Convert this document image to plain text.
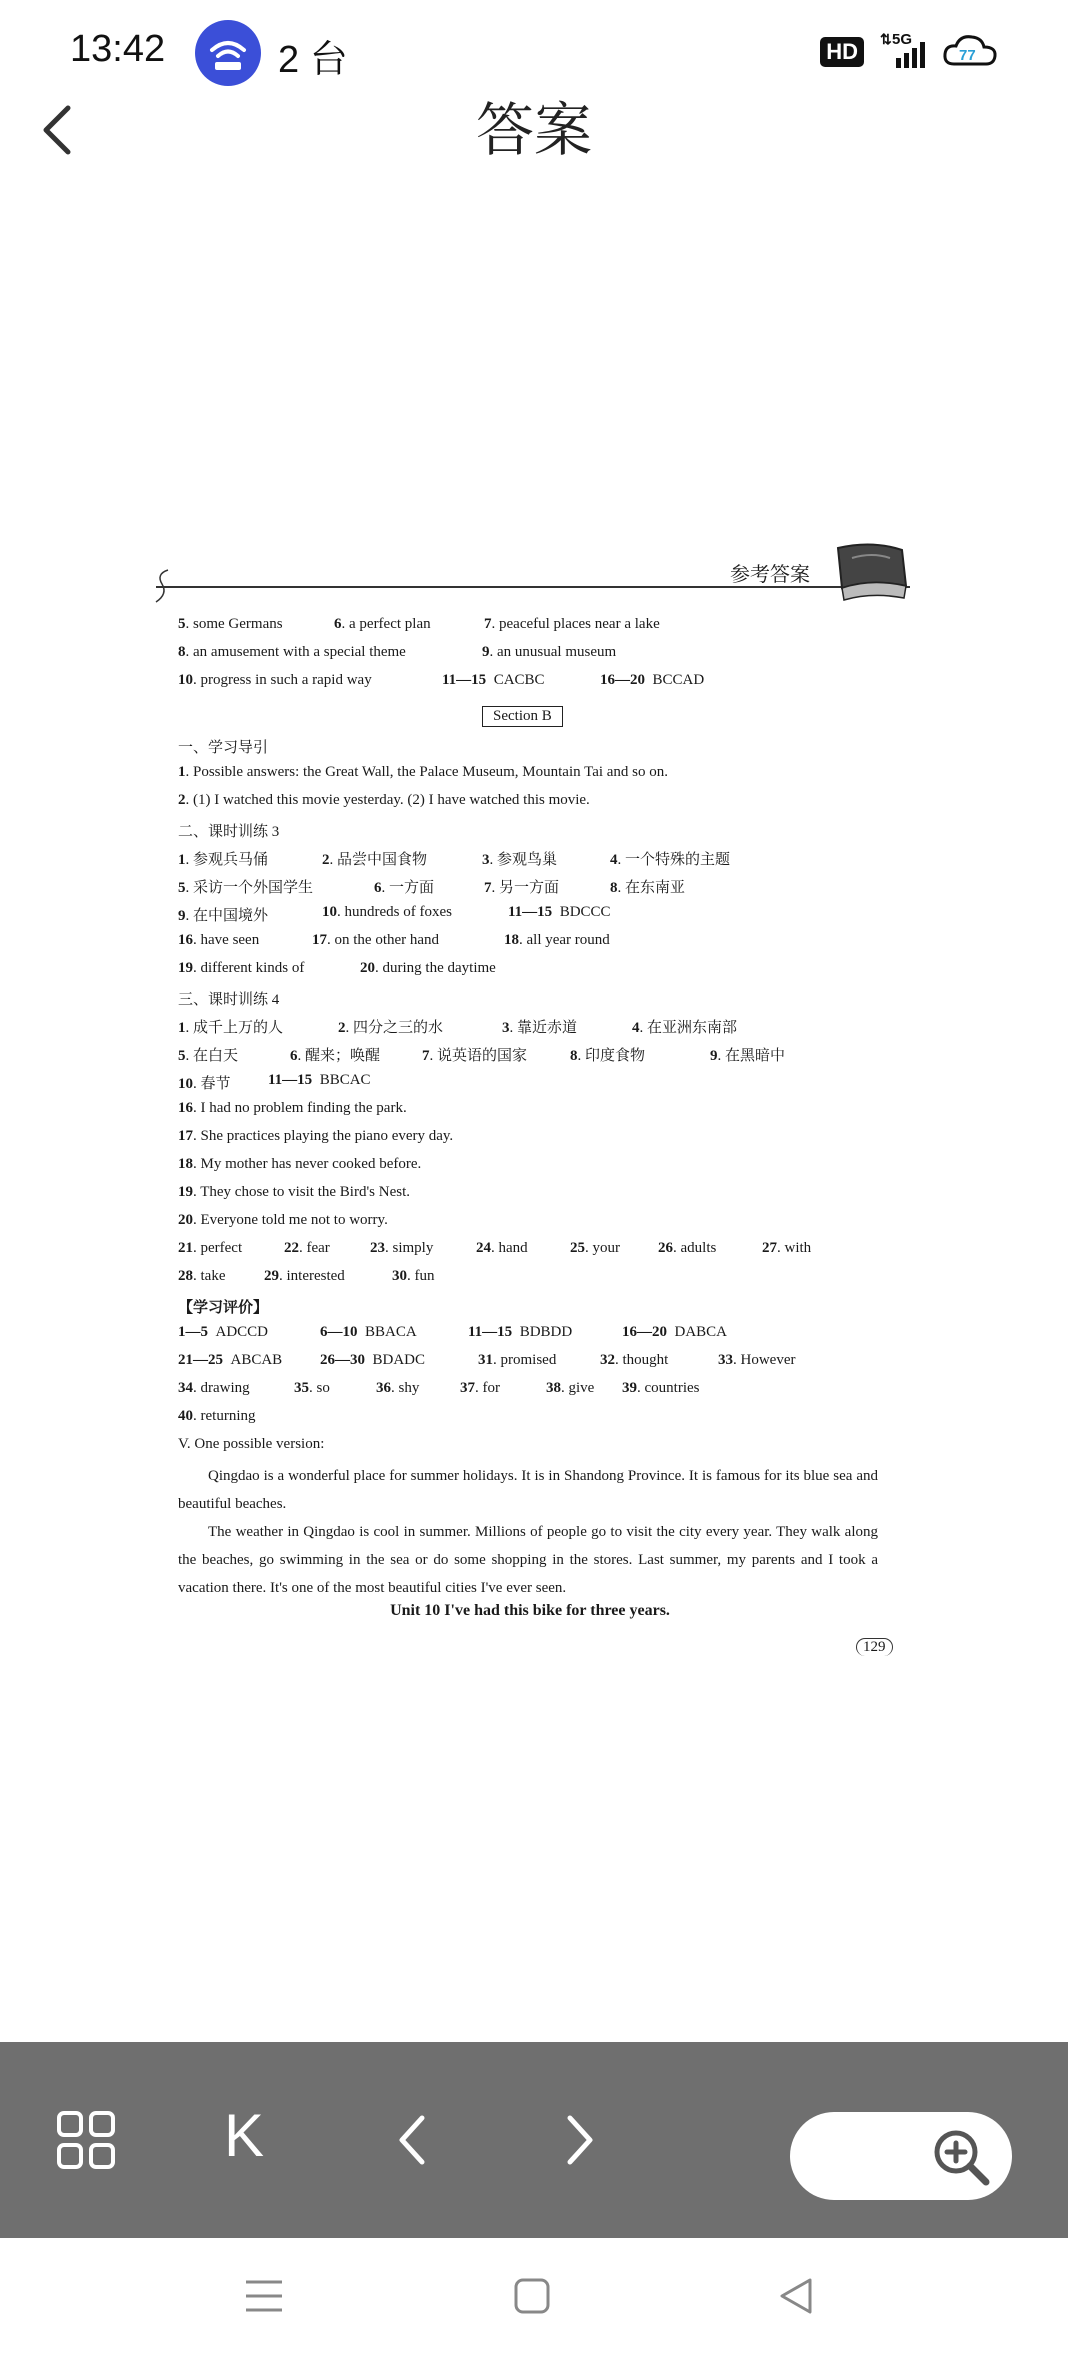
13:42	2 台	HD
⇅ 5G
77
答案
参考答案
5. some Germans	6. a perfect plan	7. peaceful places near a lake
8. an amusement with a special theme	9. an unusual museum
10. progress in such a rapid way	11—15 CACBC	16—20 BCCAD
Section B
一、学习导引
1. Possible answers: the Great Wall, the Palace Museum, Mountain Tai and so on.
2. (1) I watched this movie yesterday. (2) I have watched this movie.
二、课时训练 3
1. 参观兵马俑	2. 品尝中国食物	3. 参观鸟巢	4. 一个特殊的主题
5. 采访一个外国学生	6. 一方面	7. 另一方面	8. 在东南亚
9. 在中国境外	10. hundreds of foxes	11—15 BDCCC
16. have seen	17. on the other hand	18. all year round
19. different kinds of	20. during the daytime
三、课时训练 4
1. 成千上万的人	2. 四分之三的水	3. 靠近赤道	4. 在亚洲东南部
5. 在白天	6. 醒来；唤醒	7. 说英语的国家	8. 印度食物	9. 在黑暗中
10. 春节 11—15 BBCAC
16. I had no problem finding the park.
17. She practices playing the piano every day.
18. My mother has never cooked before.
19. They chose to visit the Bird's Nest.
20. Everyone told me not to worry.
21. perfect	22. fear	23. simply	24. hand	25. your	26. adults	27. with
28. take	29. interested	30. fun
【学习评价】
1—5 ADCCD	6—10 BBACA	11—15 BDBDD	16—20 DABCA
21—25 ABCAB	26—30 BDADC	31. promised	32. thought	33. However
34. drawing	35. so	36. shy	37. for	38. give 39. countries
40. returning
V. One possible version:
Qingdao is a wonderful place for summer holidays. It is in Shandong Province. It is famous for its blue sea and beautiful beaches.
The weather in Qingdao is cool in summer. Millions of people go to visit the city every year. They walk along the beaches, go swimming in the sea or do some shopping in the stores. Last summer, my parents and I took a vacation there. It's one of the most beautiful cities I've ever seen.
Unit 10 I've had this bike for three years.
129
K
